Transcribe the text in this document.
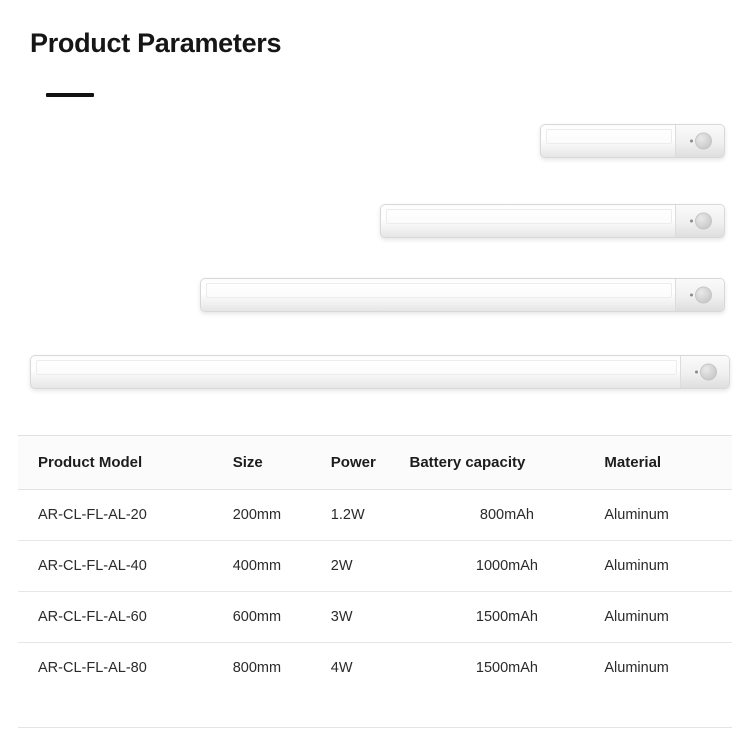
Product Parameters
Product Model	Size	Power	Battery capacity	Material
AR-CL-FL-AL-20	200mm	1.2W	800mAh	Aluminum
AR-CL-FL-AL-40	400mm	2W	1000mAh	Aluminum
AR-CL-FL-AL-60	600mm	3W	1500mAh	Aluminum
AR-CL-FL-AL-80	800mm	4W	1500mAh	Aluminum
